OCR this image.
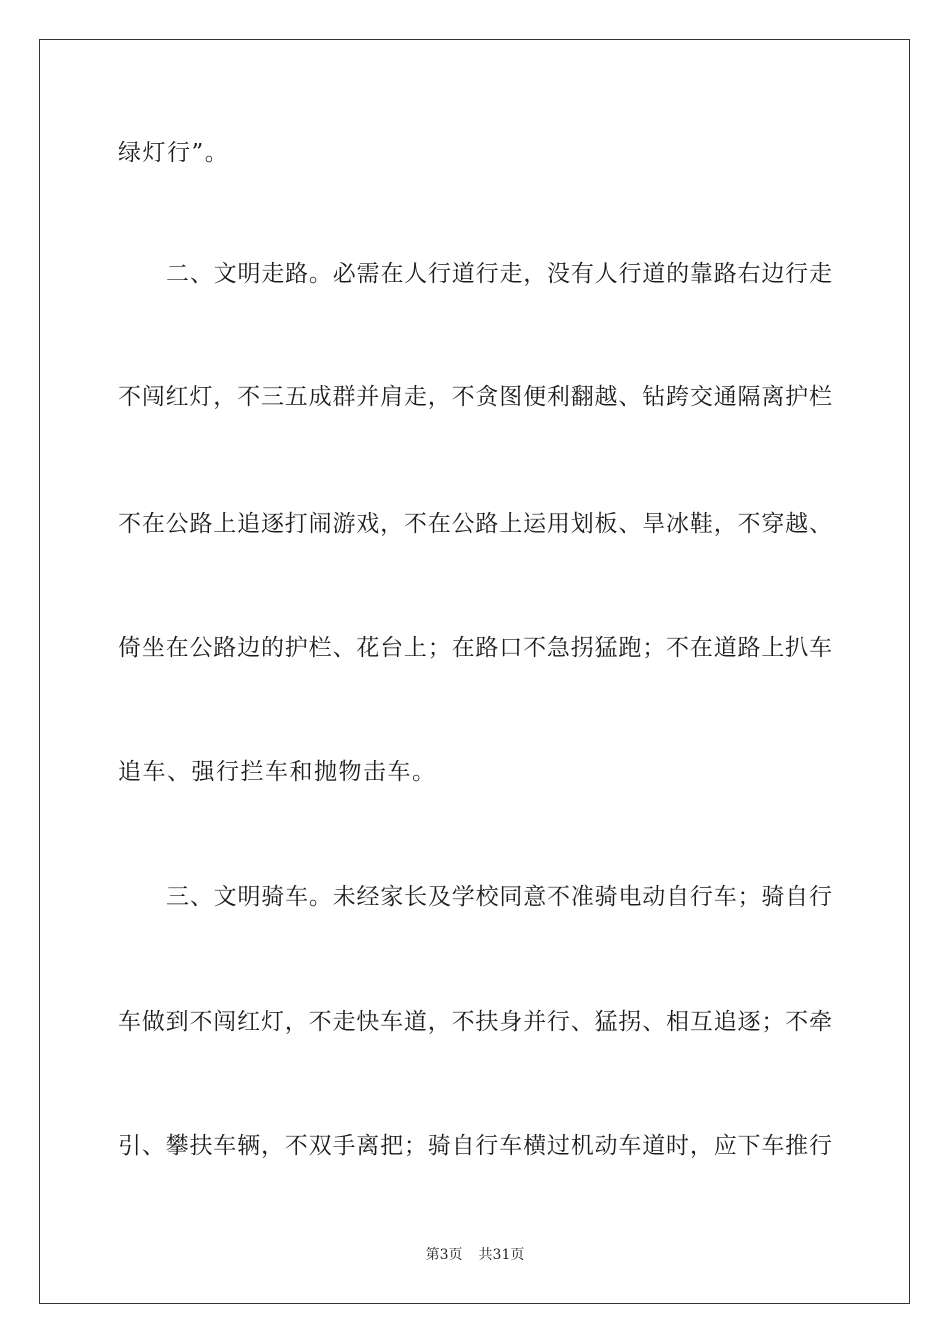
绿灯行”。
二、文明走路。必需在人行道行走，没有人行道的靠路右边行走
不闯红灯，不三五成群并肩走，不贪图便利翻越、钻跨交通隔离护栏
不在公路上追逐打闹游戏，不在公路上运用划板、旱冰鞋，不穿越、
倚坐在公路边的护栏、花台上；在路口不急拐猛跑；不在道路上扒车
追车、强行拦车和抛物击车。
三、文明骑车。未经家长及学校同意不准骑电动自行车；骑自行
车做到不闯红灯，不走快车道，不扶身并行、猛拐、相互追逐；不牵
引、攀扶车辆，不双手离把；骑自行车横过机动车道时，应下车推行
第3页 共31页
